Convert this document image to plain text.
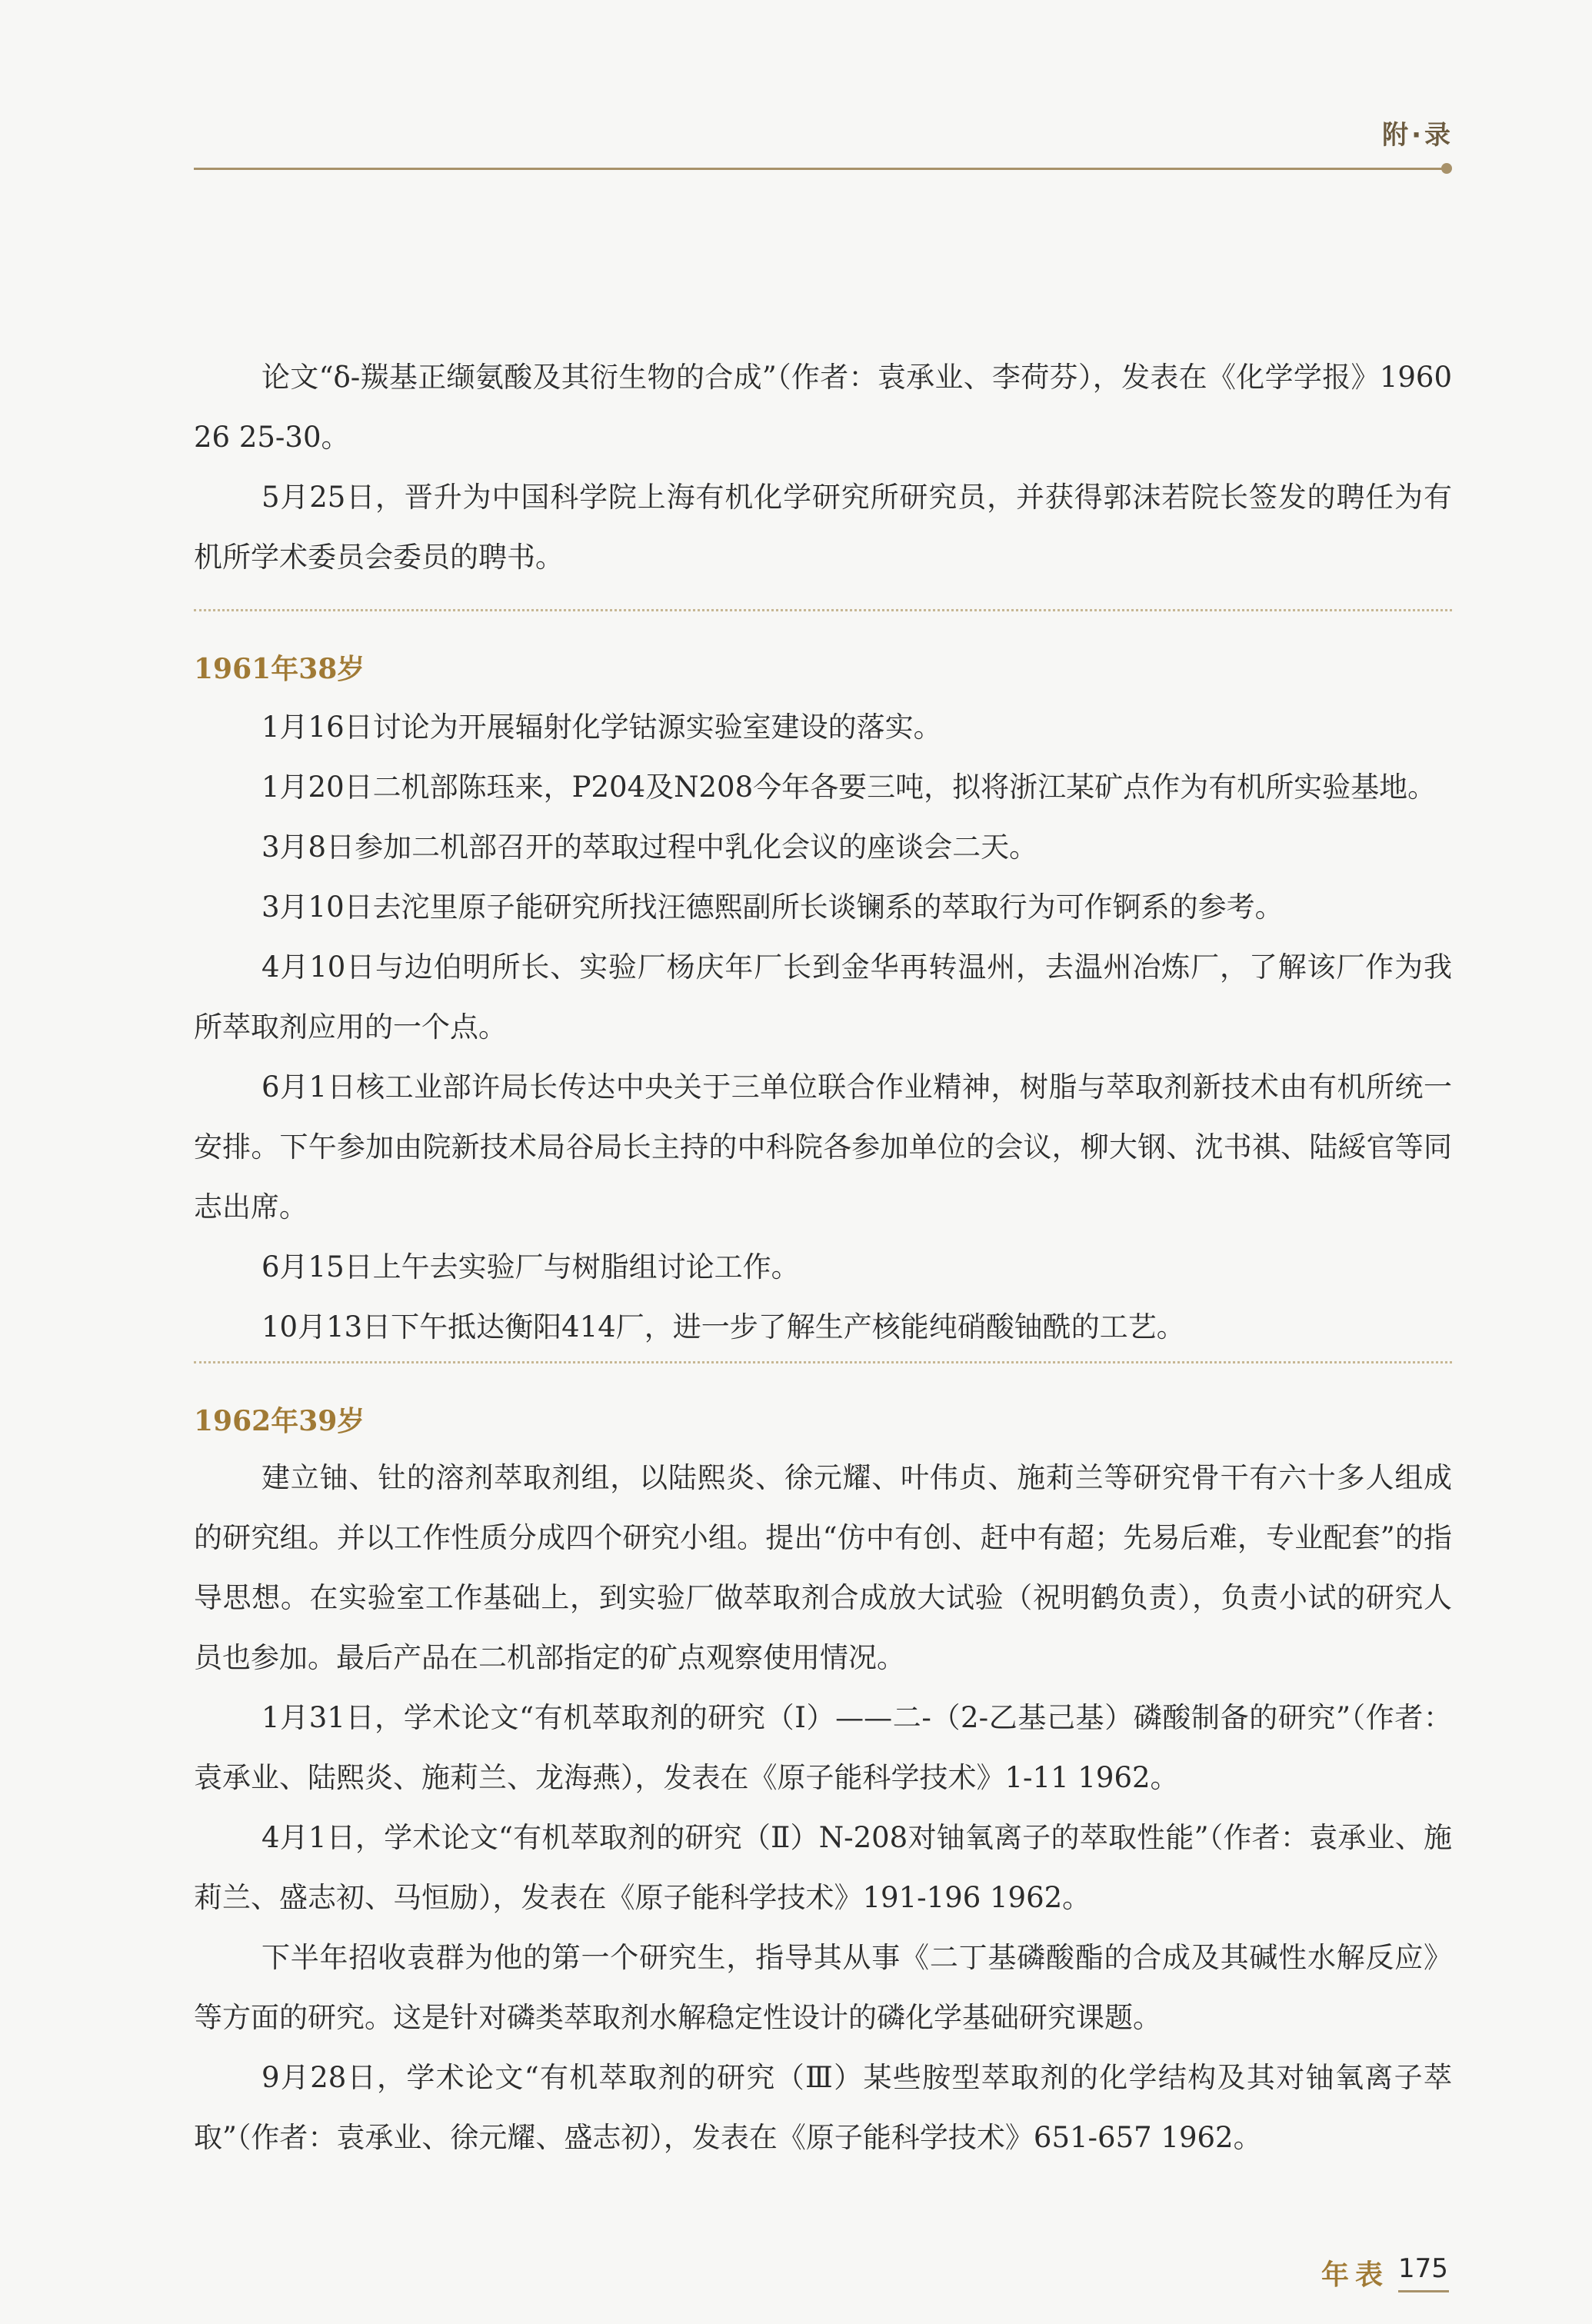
附·录

论文“δ-羰基正缬氨酸及其衍生物的合成”（作者：袁承业、李荷芬），发表在《化学学报》1960 26 25-30。

5月25日，晋升为中国科学院上海有机化学研究所研究员，并获得郭沫若院长签发的聘任为有机所学术委员会委员的聘书。

1961年38岁

1月16日讨论为开展辐射化学钴源实验室建设的落实。

1月20日二机部陈珏来，P204及N208今年各要三吨，拟将浙江某矿点作为有机所实验基地。

3月8日参加二机部召开的萃取过程中乳化会议的座谈会二天。

3月10日去沱里原子能研究所找汪德熙副所长谈镧系的萃取行为可作锕系的参考。

4月10日与边伯明所长、实验厂杨庆年厂长到金华再转温州，去温州冶炼厂，了解该厂作为我所萃取剂应用的一个点。

6月1日核工业部许局长传达中央关于三单位联合作业精神，树脂与萃取剂新技术由有机所统一安排。下午参加由院新技术局谷局长主持的中科院各参加单位的会议，柳大钢、沈书祺、陆綏官等同志出席。

6月15日上午去实验厂与树脂组讨论工作。

10月13日下午抵达衡阳414厂，进一步了解生产核能纯硝酸铀酰的工艺。

1962年39岁

建立铀、钍的溶剂萃取剂组，以陆熙炎、徐元耀、叶伟贞、施莉兰等研究骨干有六十多人组成的研究组。并以工作性质分成四个研究小组。提出“仿中有创、赶中有超；先易后难，专业配套”的指导思想。在实验室工作基础上，到实验厂做萃取剂合成放大试验（祝明鹤负责），负责小试的研究人员也参加。最后产品在二机部指定的矿点观察使用情况。

1月31日，学术论文“有机萃取剂的研究（Ⅰ）——二-（2-乙基己基）磷酸制备的研究”（作者：袁承业、陆熙炎、施莉兰、龙海燕），发表在《原子能科学技术》1-11 1962。

4月1日，学术论文“有机萃取剂的研究（Ⅱ）N-208对铀氧离子的萃取性能”（作者：袁承业、施莉兰、盛志初、马恒励），发表在《原子能科学技术》191-196 1962。

下半年招收袁群为他的第一个研究生，指导其从事《二丁基磷酸酯的合成及其碱性水解反应》等方面的研究。这是针对磷类萃取剂水解稳定性设计的磷化学基础研究课题。

9月28日，学术论文“有机萃取剂的研究（Ⅲ）某些胺型萃取剂的化学结构及其对铀氧离子萃取”（作者：袁承业、徐元耀、盛志初），发表在《原子能科学技术》651-657 1962。

年表 175
